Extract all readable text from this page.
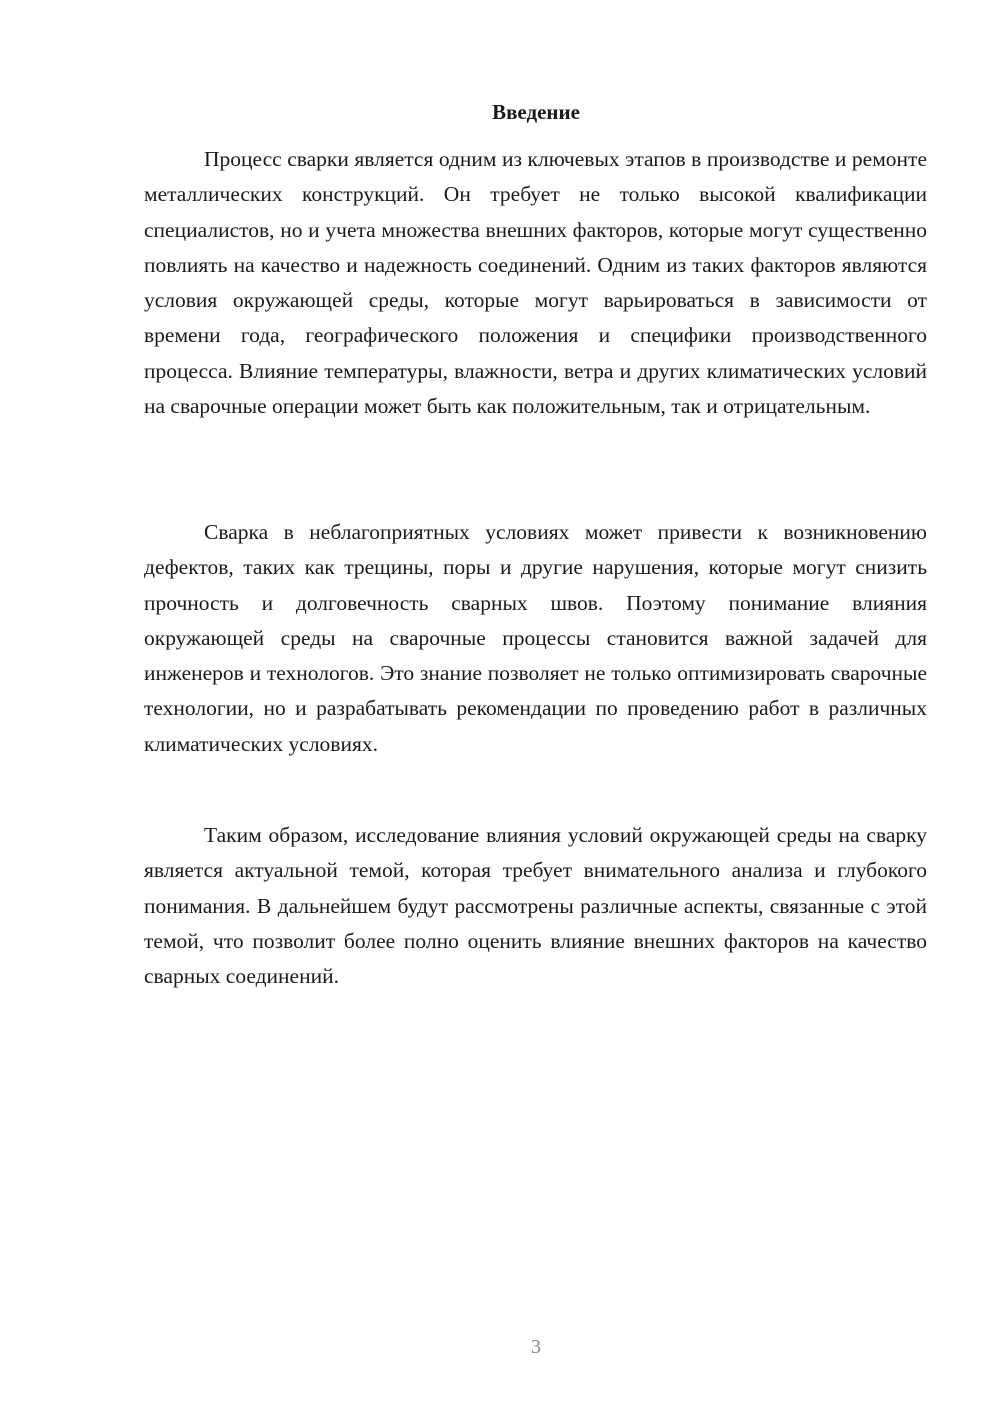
Введение

Процесс сварки является одним из ключевых этапов в производстве и ремонте металлических конструкций. Он требует не только высокой квалификации специалистов, но и учета множества внешних факторов, которые могут существенно повлиять на качество и надежность соединений. Одним из таких факторов являются условия окружающей среды, которые могут варьироваться в зависимости от времени года, географического положения и специфики производственного процесса. Влияние температуры, влажности, ветра и других климатических условий на сварочные операции может быть как положительным, так и отрицательным.

Сварка в неблагоприятных условиях может привести к возникновению дефектов, таких как трещины, поры и другие нарушения, которые могут снизить прочность и долговечность сварных швов. Поэтому понимание влияния окружающей среды на сварочные процессы становится важной задачей для инженеров и технологов. Это знание позволяет не только оптимизировать сварочные технологии, но и разрабатывать рекомендации по проведению работ в различных климатических условиях.

Таким образом, исследование влияния условий окружающей среды на сварку является актуальной темой, которая требует внимательного анализа и глубокого понимания. В дальнейшем будут рассмотрены различные аспекты, связанные с этой темой, что позволит более полно оценить влияние внешних факторов на качество сварных соединений.

3
